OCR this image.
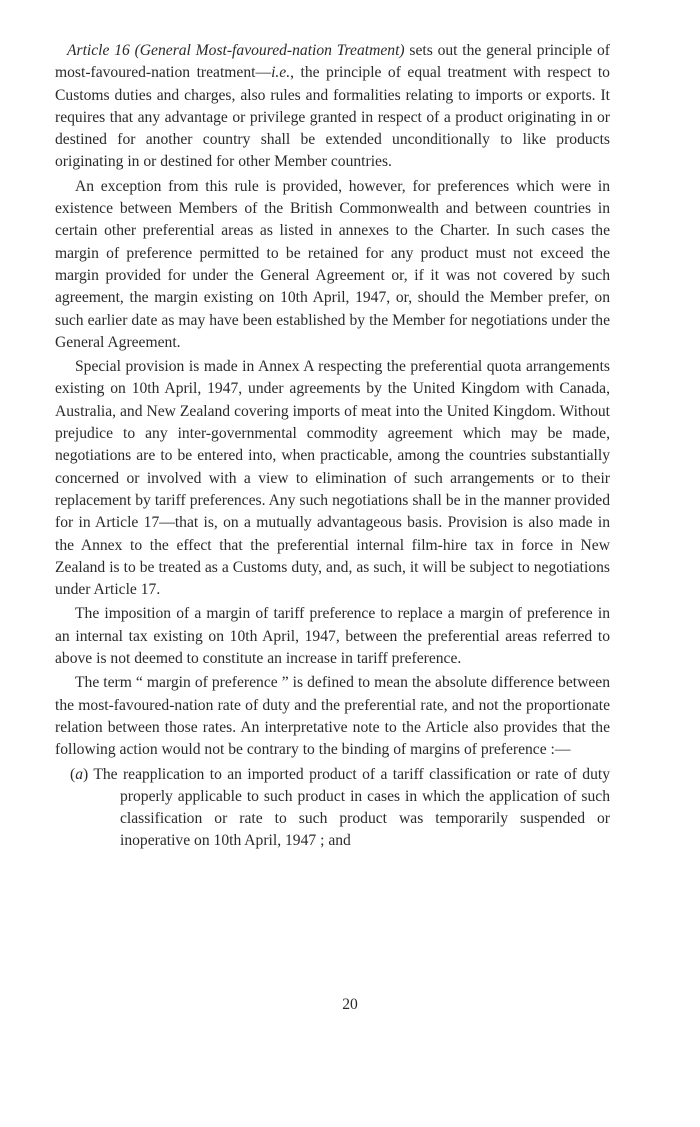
Article 16 (General Most-favoured-nation Treatment) sets out the general principle of most-favoured-nation treatment—i.e., the principle of equal treatment with respect to Customs duties and charges, also rules and formalities relating to imports or exports. It requires that any advantage or privilege granted in respect of a product originating in or destined for another country shall be extended unconditionally to like products originating in or destined for other Member countries.

An exception from this rule is provided, however, for preferences which were in existence between Members of the British Commonwealth and between countries in certain other preferential areas as listed in annexes to the Charter. In such cases the margin of preference permitted to be retained for any product must not exceed the margin provided for under the General Agreement or, if it was not covered by such agreement, the margin existing on 10th April, 1947, or, should the Member prefer, on such earlier date as may have been established by the Member for negotiations under the General Agreement.

Special provision is made in Annex A respecting the preferential quota arrangements existing on 10th April, 1947, under agreements by the United Kingdom with Canada, Australia, and New Zealand covering imports of meat into the United Kingdom. Without prejudice to any inter-governmental commodity agreement which may be made, negotiations are to be entered into, when practicable, among the countries substantially concerned or involved with a view to elimination of such arrangements or to their replacement by tariff preferences. Any such negotiations shall be in the manner provided for in Article 17—that is, on a mutually advantageous basis. Provision is also made in the Annex to the effect that the preferential internal film-hire tax in force in New Zealand is to be treated as a Customs duty, and, as such, it will be subject to negotiations under Article 17.

The imposition of a margin of tariff preference to replace a margin of preference in an internal tax existing on 10th April, 1947, between the preferential areas referred to above is not deemed to constitute an increase in tariff preference.

The term “ margin of preference ” is defined to mean the absolute difference between the most-favoured-nation rate of duty and the preferential rate, and not the proportionate relation between those rates. An interpretative note to the Article also provides that the following action would not be contrary to the binding of margins of preference :—

(a) The reapplication to an imported product of a tariff classification or rate of duty properly applicable to such product in cases in which the application of such classification or rate to such product was temporarily suspended or inoperative on 10th April, 1947 ; and

20
